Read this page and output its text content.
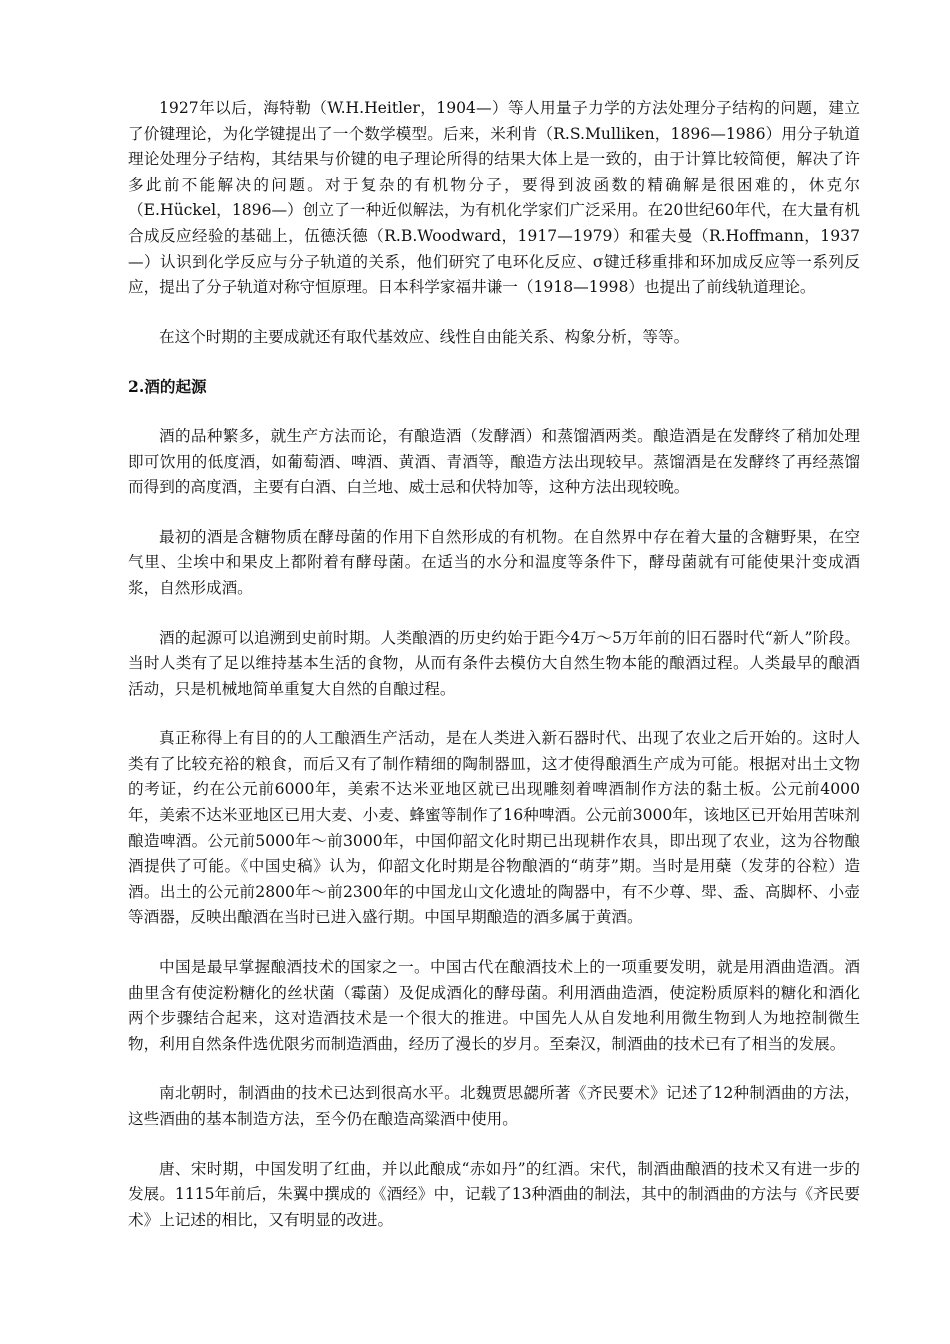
1927年以后，海特勒（W.H.Heitler，1904—）等人用量子力学的方法处理分子结构的问题，建立了价键理论，为化学键提出了一个数学模型。后来，米利肯（R.S.Mulliken，1896—1986）用分子轨道理论处理分子结构，其结果与价键的电子理论所得的结果大体上是一致的，由于计算比较简便，解决了许多此前不能解决的问题。对于复杂的有机物分子，要得到波函数的精确解是很困难的，休克尔（E.Hückel，1896—）创立了一种近似解法，为有机化学家们广泛采用。在20世纪60年代，在大量有机合成反应经验的基础上，伍德沃德（R.B.Woodward，1917—1979）和霍夫曼（R.Hoffmann，1937—）认识到化学反应与分子轨道的关系，他们研究了电环化反应、σ键迁移重排和环加成反应等一系列反应，提出了分子轨道对称守恒原理。日本科学家福井谦一（1918—1998）也提出了前线轨道理论。

在这个时期的主要成就还有取代基效应、线性自由能关系、构象分析，等等。

2.酒的起源

酒的品种繁多，就生产方法而论，有酿造酒（发酵酒）和蒸馏酒两类。酿造酒是在发酵终了稍加处理即可饮用的低度酒，如葡萄酒、啤酒、黄酒、青酒等，酿造方法出现较早。蒸馏酒是在发酵终了再经蒸馏而得到的高度酒，主要有白酒、白兰地、威士忌和伏特加等，这种方法出现较晚。

最初的酒是含糖物质在酵母菌的作用下自然形成的有机物。在自然界中存在着大量的含糖野果，在空气里、尘埃中和果皮上都附着有酵母菌。在适当的水分和温度等条件下，酵母菌就有可能使果汁变成酒浆，自然形成酒。

酒的起源可以追溯到史前时期。人类酿酒的历史约始于距今4万～5万年前的旧石器时代“新人”阶段。当时人类有了足以维持基本生活的食物，从而有条件去模仿大自然生物本能的酿酒过程。人类最早的酿酒活动，只是机械地简单重复大自然的自酿过程。

真正称得上有目的的人工酿酒生产活动，是在人类进入新石器时代、出现了农业之后开始的。这时人类有了比较充裕的粮食，而后又有了制作精细的陶制器皿，这才使得酿酒生产成为可能。根据对出土文物的考证，约在公元前6000年，美索不达米亚地区就已出现雕刻着啤酒制作方法的黏土板。公元前4000年，美索不达米亚地区已用大麦、小麦、蜂蜜等制作了16种啤酒。公元前3000年，该地区已开始用苦味剂酿造啤酒。公元前5000年～前3000年，中国仰韶文化时期已出现耕作农具，即出现了农业，这为谷物酿酒提供了可能。《中国史稿》认为，仰韶文化时期是谷物酿酒的“萌芽”期。当时是用蘖（发芽的谷粒）造酒。出土的公元前2800年～前2300年的中国龙山文化遗址的陶器中，有不少尊、斝、盉、高脚杯、小壶等酒器，反映出酿酒在当时已进入盛行期。中国早期酿造的酒多属于黄酒。

中国是最早掌握酿酒技术的国家之一。中国古代在酿酒技术上的一项重要发明，就是用酒曲造酒。酒曲里含有使淀粉糖化的丝状菌（霉菌）及促成酒化的酵母菌。利用酒曲造酒，使淀粉质原料的糖化和酒化两个步骤结合起来，这对造酒技术是一个很大的推进。中国先人从自发地利用微生物到人为地控制微生物，利用自然条件选优限劣而制造酒曲，经历了漫长的岁月。至秦汉，制酒曲的技术已有了相当的发展。

南北朝时，制酒曲的技术已达到很高水平。北魏贾思勰所著《齐民要术》记述了12种制酒曲的方法，这些酒曲的基本制造方法，至今仍在酿造高粱酒中使用。

唐、宋时期，中国发明了红曲，并以此酿成“赤如丹”的红酒。宋代，制酒曲酿酒的技术又有进一步的发展。1115年前后，朱翼中撰成的《酒经》中，记载了13种酒曲的制法，其中的制酒曲的方法与《齐民要术》上记述的相比，又有明显的改进。
